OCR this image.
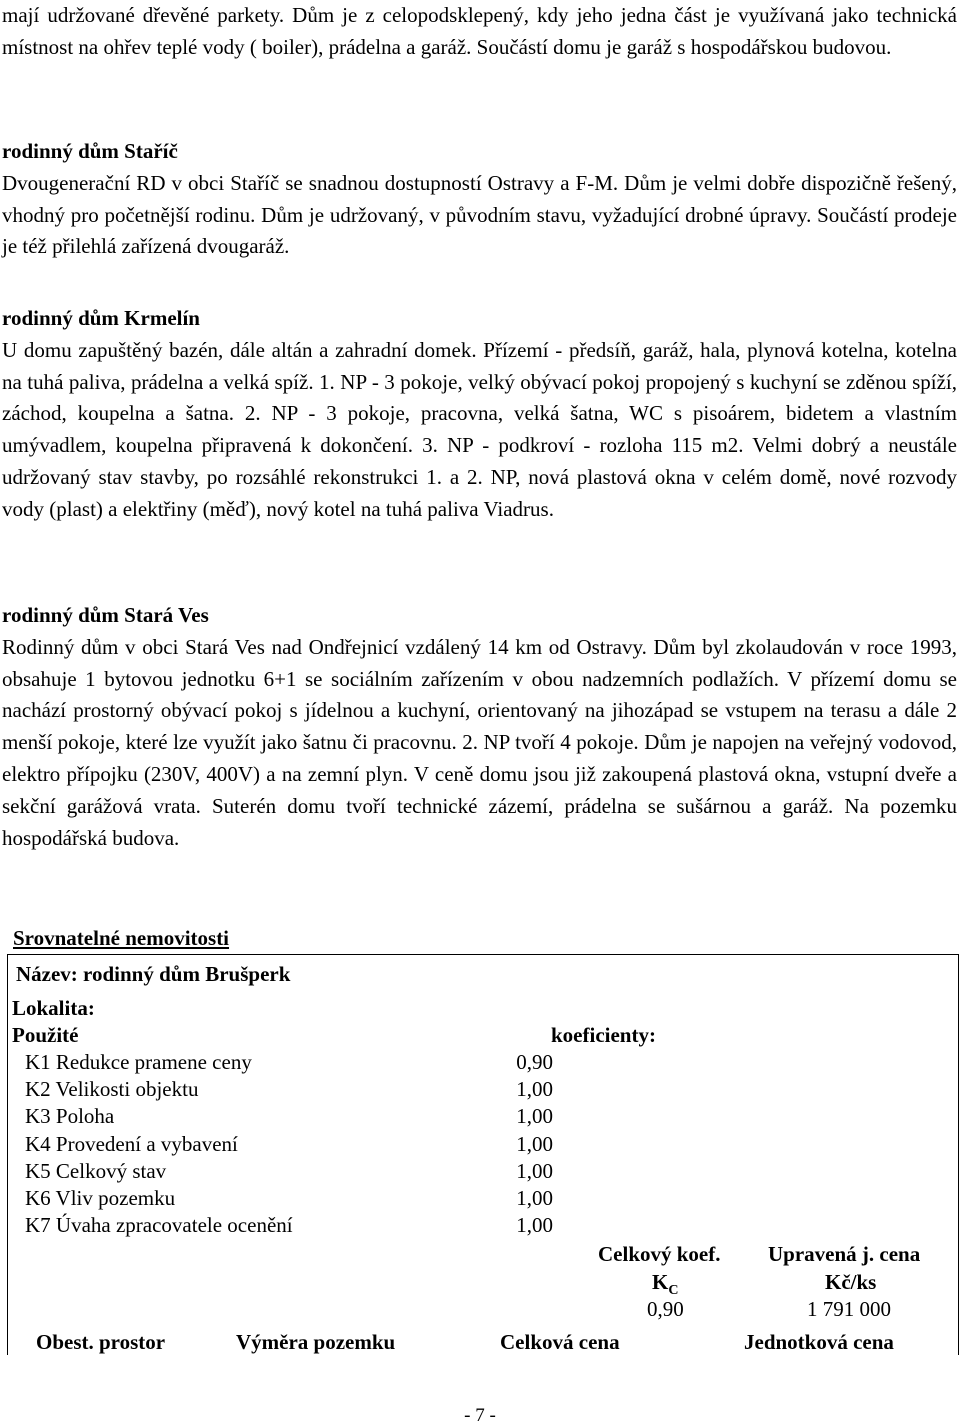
mají udržované dřevěné parkety. Dům je z celopodsklepený, kdy jeho jedna část je využívaná jako technická místnost na ohřev teplé vody ( boiler), prádelna a garáž. Součástí domu je garáž s hospodářskou budovou.

rodinný dům Staříč

Dvougenerační RD v obci Staříč se snadnou dostupností Ostravy a F-M. Dům je velmi dobře dispozičně řešený, vhodný pro početnější rodinu. Dům je udržovaný, v původním stavu, vyžadující drobné úpravy. Součástí prodeje je též přilehlá zařízená dvougaráž.

rodinný dům Krmelín

U domu zapuštěný bazén, dále altán a zahradní domek. Přízemí - předsíň, garáž, hala, plynová kotelna, kotelna na tuhá paliva, prádelna a velká spíž. 1. NP - 3 pokoje, velký obývací pokoj propojený s kuchyní se zděnou spíží, záchod, koupelna a šatna. 2. NP - 3 pokoje, pracovna, velká šatna, WC s pisoárem, bidetem a vlastním umývadlem, koupelna připravená k dokončení. 3. NP - podkroví - rozloha 115 m2. Velmi dobrý a neustále udržovaný stav stavby, po rozsáhlé rekonstrukci 1. a 2. NP, nová plastová okna v celém domě, nové rozvody vody (plast) a elektřiny (měď), nový kotel na tuhá paliva Viadrus.

rodinný dům Stará Ves

Rodinný dům v obci Stará Ves nad Ondřejnicí vzdálený 14 km od Ostravy. Dům byl zkolaudován v roce 1993, obsahuje 1 bytovou jednotku 6+1 se sociálním zařízením v obou nadzemních podlažích. V přízemí domu se nachází prostorný obývací pokoj s jídelnou a kuchyní, orientovaný na jihozápad se vstupem na terasu a dále 2 menší pokoje, které lze využít jako šatnu či pracovnu. 2. NP tvoří 4 pokoje. Dům je napojen na veřejný vodovod, elektro přípojku (230V, 400V) a na zemní plyn. V ceně domu jsou již zakoupená plastová okna, vstupní dveře a sekční garážová vrata. Suterén domu tvoří technické zázemí, prádelna se sušárnou a garáž. Na pozemku hospodářská budova.

Srovnatelné nemovitosti
Název: rodinný dům Brušperk
Lokalita:
Použité	koeficienty:
K1 Redukce pramene ceny	0,90
K2 Velikosti objektu	1,00
K3 Poloha	1,00
K4 Provedení a vybavení	1,00
K5 Celkový stav	1,00
K6 Vliv pozemku	1,00
K7 Úvaha zpracovatele ocenění	1,00
Celkový koef. Upravená j. cena
$K_C$	Kč/ks
0,90	1 791 000
Obest. prostor	Výměra pozemku	Celková cena	Jednotková cena
- 7 -
